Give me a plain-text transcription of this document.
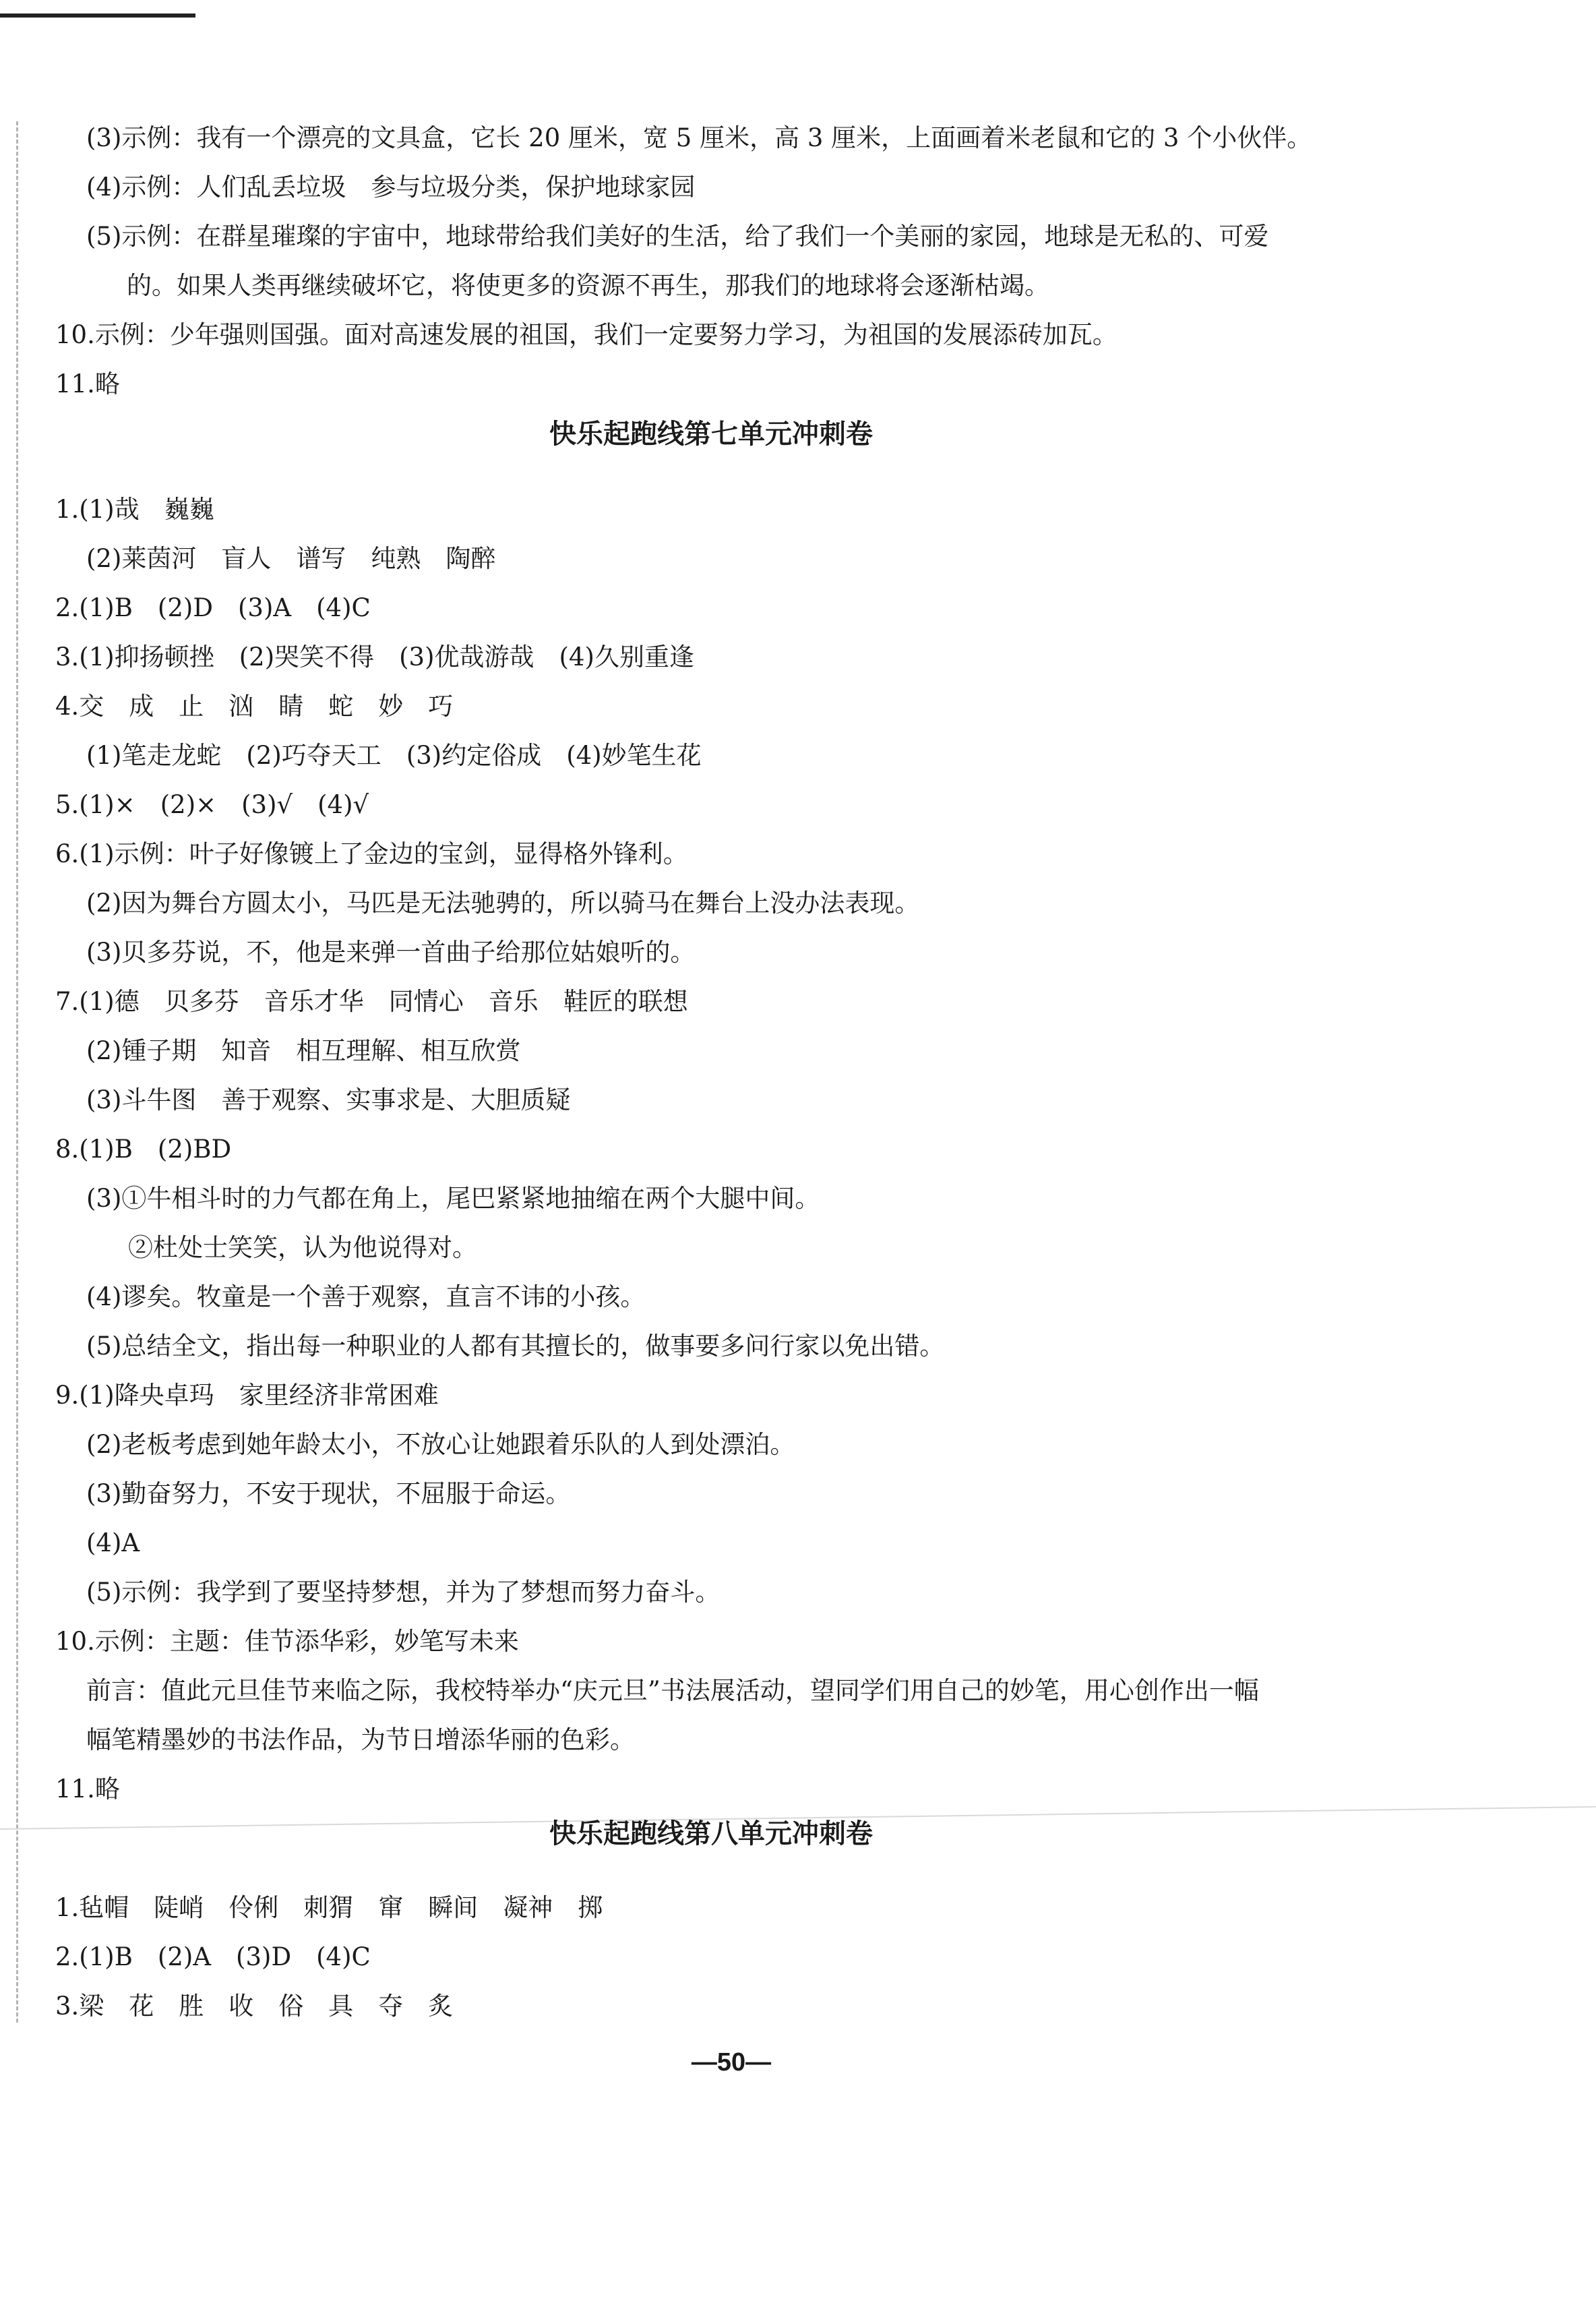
(3)示例：我有一个漂亮的文具盒，它长 20 厘米，宽 5 厘米，高 3 厘米，上面画着米老鼠和它的 3 个小伙伴。
(4)示例：人们乱丢垃圾　参与垃圾分类，保护地球家园
(5)示例：在群星璀璨的宇宙中，地球带给我们美好的生活，给了我们一个美丽的家园，地球是无私的、可爱
的。如果人类再继续破坏它，将使更多的资源不再生，那我们的地球将会逐渐枯竭。
10.示例：少年强则国强。面对高速发展的祖国，我们一定要努力学习，为祖国的发展添砖加瓦。
11.略
快乐起跑线第七单元冲刺卷
1.(1)哉　巍巍
(2)莱茵河　盲人　谱写　纯熟　陶醉
2.(1)B　(2)D　(3)A　(4)C
3.(1)抑扬顿挫　(2)哭笑不得　(3)优哉游哉　(4)久别重逢
4.交　成　止　汹　睛　蛇　妙　巧
(1)笔走龙蛇　(2)巧夺天工　(3)约定俗成　(4)妙笔生花
5.(1)×　(2)×　(3)√　(4)√
6.(1)示例：叶子好像镀上了金边的宝剑，显得格外锋利。
(2)因为舞台方圆太小，马匹是无法驰骋的，所以骑马在舞台上没办法表现。
(3)贝多芬说，不，他是来弹一首曲子给那位姑娘听的。
7.(1)德　贝多芬　音乐才华　同情心　音乐　鞋匠的联想
(2)锺子期　知音　相互理解、相互欣赏
(3)斗牛图　善于观察、实事求是、大胆质疑
8.(1)B　(2)BD
(3)①牛相斗时的力气都在角上，尾巴紧紧地抽缩在两个大腿中间。
②杜处士笑笑，认为他说得对。
(4)谬矣。牧童是一个善于观察，直言不讳的小孩。
(5)总结全文，指出每一种职业的人都有其擅长的，做事要多问行家以免出错。
9.(1)降央卓玛　家里经济非常困难
(2)老板考虑到她年龄太小，不放心让她跟着乐队的人到处漂泊。
(3)勤奋努力，不安于现状，不屈服于命运。
(4)A
(5)示例：我学到了要坚持梦想，并为了梦想而努力奋斗。
10.示例：主题：佳节添华彩，妙笔写未来
前言：值此元旦佳节来临之际，我校特举办“庆元旦”书法展活动，望同学们用自己的妙笔，用心创作出一幅
幅笔精墨妙的书法作品，为节日增添华丽的色彩。
11.略
快乐起跑线第八单元冲刺卷
1.毡帽　陡峭　伶俐　刺猬　窜　瞬间　凝神　掷
2.(1)B　(2)A　(3)D　(4)C
3.梁　花　胜　收　俗　具　夺　炙
—50—
